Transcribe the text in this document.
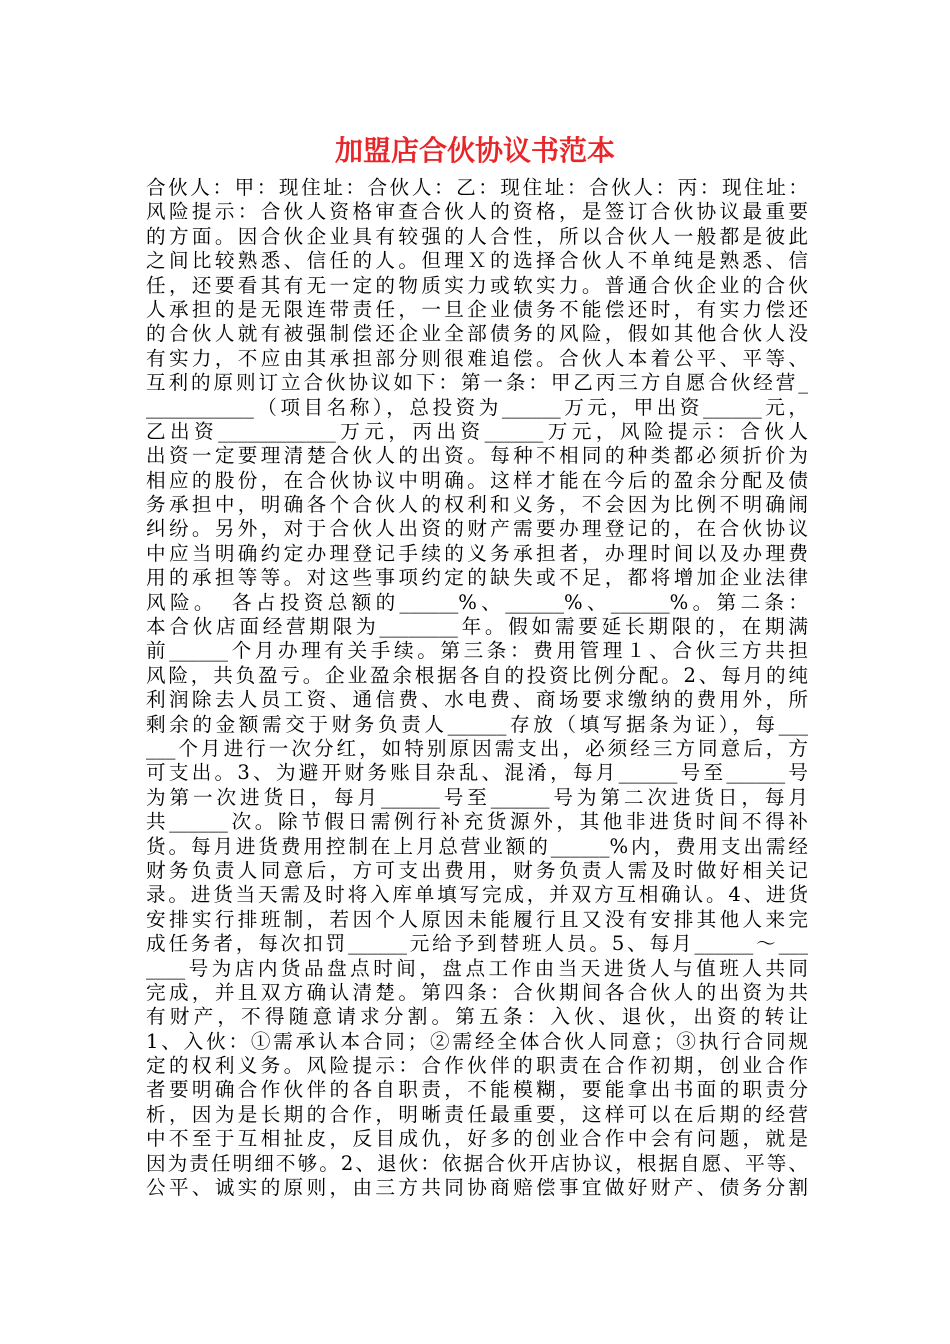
加盟店合伙协议书范本
合伙人：甲：现住址：合伙人：乙：现住址：合伙人：丙：现住址：
风险提示：合伙人资格审查合伙人的资格，是签订合伙协议最重要
的方面。因合伙企业具有较强的人合性，所以合伙人一般都是彼此
之间比较熟悉、信任的人。但理Ｘ的选择合伙人不单纯是熟悉、信
任，还要看其有无一定的物质实力或软实力。普通合伙企业的合伙
人承担的是无限连带责任，一旦企业债务不能偿还时，有实力偿还
的合伙人就有被强制偿还企业全部债务的风险，假如其他合伙人没
有实力，不应由其承担部分则很难追偿。合伙人本着公平、平等、
互利的原则订立合伙协议如下：第一条：甲乙丙三方自愿合伙经营_
___________（项目名称），总投资为______万元，甲出资______元，
乙出资____________万元，丙出资______万元，风险提示：合伙人
出资一定要理清楚合伙人的出资。每种不相同的种类都必须折价为
相应的股份，在合伙协议中明确。这样才能在今后的盈余分配及债
务承担中，明确各个合伙人的权利和义务，不会因为比例不明确闹
纠纷。另外，对于合伙人出资的财产需要办理登记的，在合伙协议
中应当明确约定办理登记手续的义务承担者，办理时间以及办理费
用的承担等等。对这些事项约定的缺失或不足，都将增加企业法律
风险。　各占投资总额的______%、______%、______%。第二条：
本合伙店面经营期限为________年。假如需要延长期限的，在期满
前______个月办理有关手续。第三条：费用管理１、合伙三方共担
风险，共负盈亏。企业盈余根据各自的投资比例分配。2、每月的纯
利润除去人员工资、通信费、水电费、商场要求缴纳的费用外，所
剩余的金额需交于财务负责人______存放（填写据条为证），每___
___个月进行一次分红，如特别原因需支出，必须经三方同意后，方
可支出。3、为避开财务账目杂乱、混淆，每月______号至______号
为第一次进货日，每月______号至______号为第二次进货日，每月
共______次。除节假日需例行补充货源外，其他非进货时间不得补
货。每月进货费用控制在上月总营业额的______%内，费用支出需经
财务负责人同意后，方可支出费用，财务负责人需及时做好相关记
录。进货当天需及时将入库单填写完成，并双方互相确认。4、进货
安排实行排班制，若因个人原因未能履行且又没有安排其他人来完
成任务者，每次扣罚______元给予到替班人员。5、每月______～___
____号为店内货品盘点时间，盘点工作由当天进货人与值班人共同
完成，并且双方确认清楚。第四条：合伙期间各合伙人的出资为共
有财产，不得随意请求分割。第五条：入伙、退伙，出资的转让
1、入伙：①需承认本合同；②需经全体合伙人同意；③执行合同规
定的权利义务。风险提示：合作伙伴的职责在合作初期，创业合作
者要明确合作伙伴的各自职责，不能模糊，要能拿出书面的职责分
析，因为是长期的合作，明晰责任最重要，这样可以在后期的经营
中不至于互相扯皮，反目成仇，好多的创业合作中会有问题，就是
因为责任明细不够。2、退伙：依据合伙开店协议，根据自愿、平等、
公平、诚实的原则，由三方共同协商赔偿事宜做好财产、债务分割
